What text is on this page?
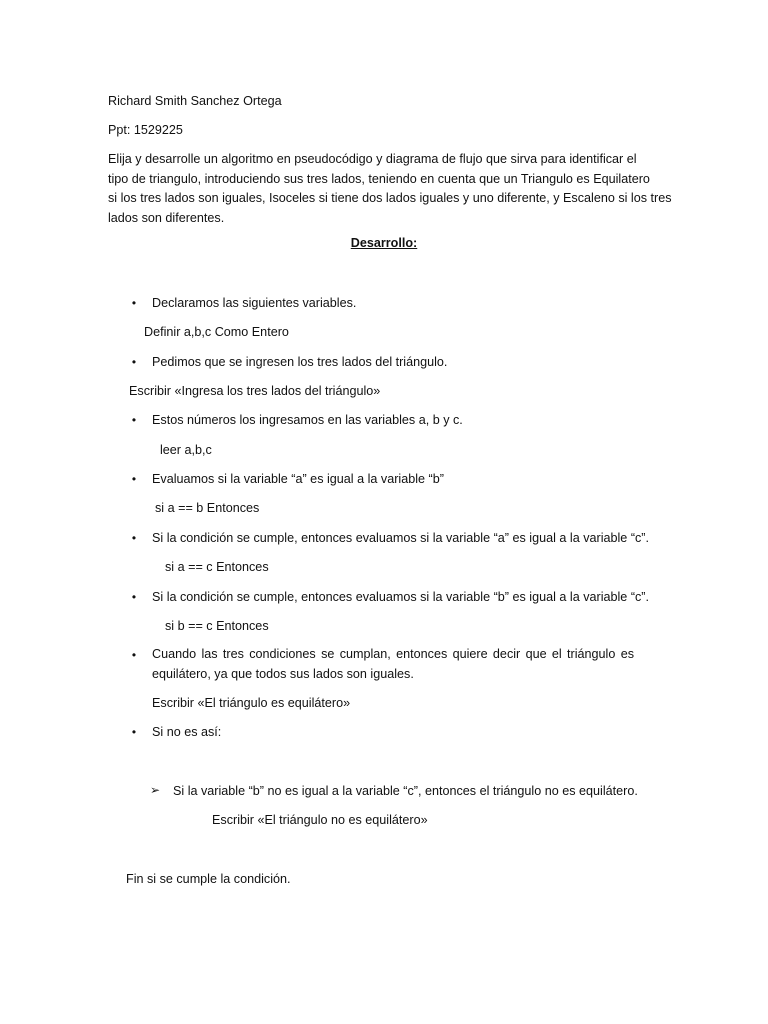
Richard Smith Sanchez Ortega
Ppt: 1529225
Elija y desarrolle un algoritmo en pseudocódigo y diagrama de flujo que sirva para identificar el
tipo de triangulo, introduciendo sus tres lados, teniendo en cuenta que un Triangulo es Equilatero
si los tres lados son iguales, Isoceles si tiene dos lados iguales y uno diferente, y Escaleno si los tres
lados son diferentes.
Desarrollo:
• Declaramos las siguientes variables.
Definir a,b,c Como Entero
• Pedimos que se ingresen los tres lados del triángulo.
Escribir «Ingresa los tres lados del triángulo»
• Estos números los ingresamos en las variables a, b y c.
leer a,b,c
• Evaluamos si la variable “a” es igual a la variable “b”
si a == b Entonces
• Si la condición se cumple, entonces evaluamos si la variable “a” es igual a la variable “c”.
si a == c Entonces
• Si la condición se cumple, entonces evaluamos si la variable “b” es igual a la variable “c”.
si b == c Entonces
• Cuando las tres condiciones se cumplan, entonces quiere decir que el triángulo es equilátero, ya que todos sus lados son iguales.
Escribir «El triángulo es equilátero»
• Si no es así:
➢ Si la variable “b” no es igual a la variable “c”, entonces el triángulo no es equilátero.
Escribir «El triángulo no es equilátero»
Fin si se cumple la condición.
